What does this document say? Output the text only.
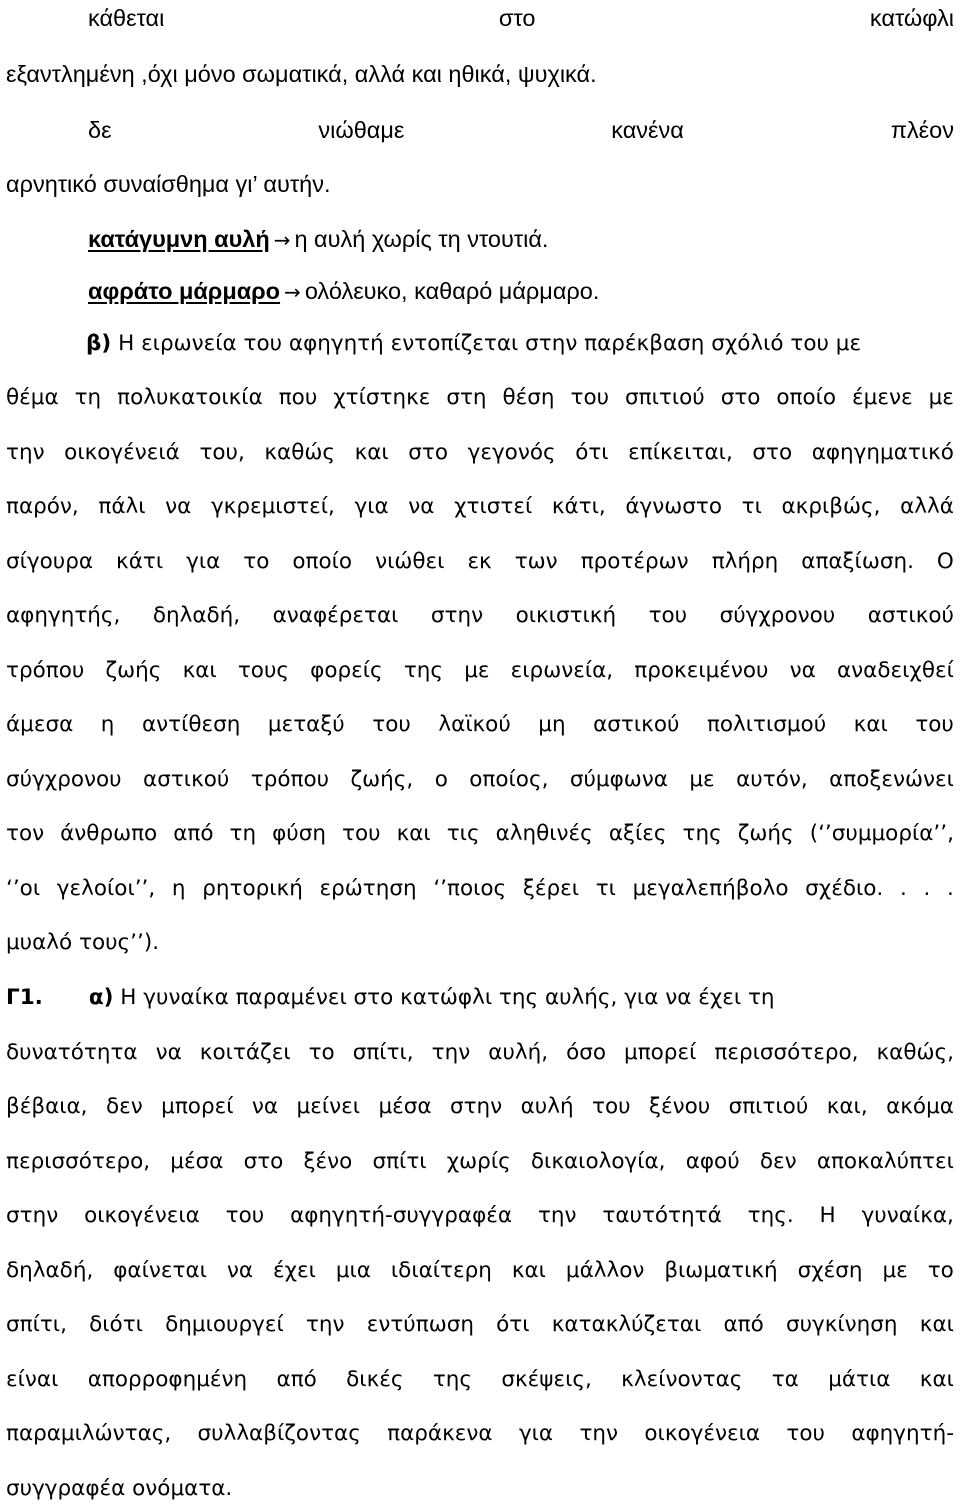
κάθεται	στο	κατώφλι
εξαντλημένη ,όχι μόνο σωματικά, αλλά και ηθικά, ψυχικά.
δε	νιώθαμε	κανένα	πλέον
αρνητικό συναίσθημα γι’ αυτήν.
κατάγυμνη αυλή → η αυλή χωρίς τη ντουτιά.
αφράτο μάρμαρο → ολόλευκο, καθαρό μάρμαρο.
β) Η ειρωνεία του αφηγητή εντοπίζεται στην παρέκβαση σχόλιό του με
θέμα τη πολυκατοικία που χτίστηκε στη θέση του σπιτιού στο οποίο έμενε με
την οικογένειά του, καθώς και στο γεγονός ότι επίκειται, στο αφηγηματικό
παρόν, πάλι να γκρεμιστεί, για να χτιστεί κάτι, άγνωστο τι ακριβώς, αλλά
σίγουρα κάτι για το οποίο νιώθει εκ των προτέρων πλήρη απαξίωση. Ο
αφηγητής, δηλαδή, αναφέρεται στην οικιστική του σύγχρονου αστικού
τρόπου ζωής και τους φορείς της με ειρωνεία, προκειμένου να αναδειχθεί
άμεσα η αντίθεση μεταξύ του λαϊκού μη αστικού πολιτισμού και του
σύγχρονου αστικού τρόπου ζωής, ο οποίος, σύμφωνα με αυτόν, αποξενώνει
τον άνθρωπο από τη φύση του και τις αληθινές αξίες της ζωής (‘’συμμορία’’,
‘’οι γελοίοι’’, η ρητορική ερώτηση ‘’ποιος ξέρει τι μεγαλεπήβολο σχέδιο. . . .
μυαλό τους’’).
Γ1. α) Η γυναίκα παραμένει στο κατώφλι της αυλής, για να έχει τη
δυνατότητα να κοιτάζει το σπίτι, την αυλή, όσο μπορεί περισσότερο, καθώς,
βέβαια, δεν μπορεί να μείνει μέσα στην αυλή του ξένου σπιτιού και, ακόμα
περισσότερο, μέσα στο ξένο σπίτι χωρίς δικαιολογία, αφού δεν αποκαλύπτει
στην οικογένεια του αφηγητή-συγγραφέα την ταυτότητά της. Η γυναίκα,
δηλαδή, φαίνεται να έχει μια ιδιαίτερη και μάλλον βιωματική σχέση με το
σπίτι, διότι δημιουργεί την εντύπωση ότι κατακλύζεται από συγκίνηση και
είναι απορροφημένη από δικές της σκέψεις, κλείνοντας τα μάτια και
παραμιλώντας, συλλαβίζοντας παράκενα για την οικογένεια του αφηγητή-
συγγραφέα ονόματα.
